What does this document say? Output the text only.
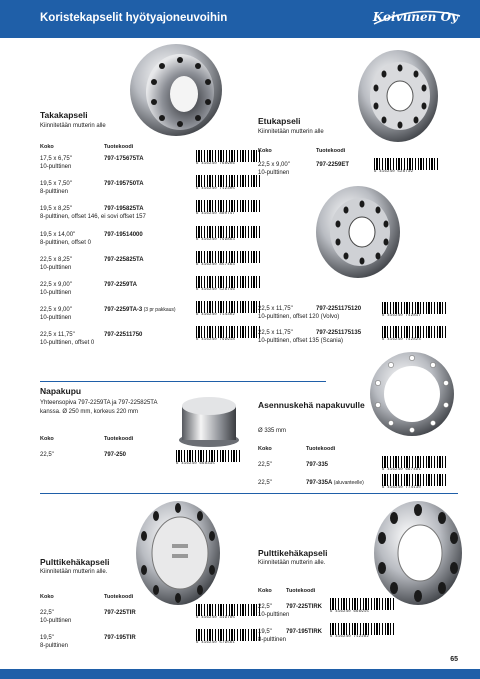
Koristekapselit hyötyajoneuvoihin	Koivunen Oy
Takakapseli
Kiinnitetään mutterin alle
Koko	Tuotekoodi
17,5 x 6,75"	797-175675TA
10-pulttinen	6 416240 768906
19,5 x 7,50"	797-195750TA
8-pulttinen	6 416240 712305
19,5 x 8,25"	797-195825TA
8-pulttinen, offset 146, ei sovi offset 157	6 416240 880747
19,5 x 14,00"	797-19514000
8-pulttinen, offset 0	6 416240 799863
22,5 x 8,25"	797-225825TA
10-pulttinen	6 416240 857463
22,5 x 9,00"	797-2259TA
10-pulttinen	6 416240 528746
22,5 x 9,00"	797-2259TA-3 (3 pr pakkaus)
10-pulttinen	6 416240 714302
22,5 x 11,75"	797-22511750
10-pulttinen, offset 0	6 416240 799918
Etukapseli
Kiinnitetään mutterin alle
Koko	Tuotekoodi
22,5 x 9,00"	797-2259ET
10-pulttinen	6 416240 528739
22,5 x 11,75"	797-2251175120
10-pulttinen, offset 120 (Volvo)	6 416240 742817
22,5 x 11,75"	797-2251175135
10-pulttinen, offset 135 (Scania)	6 416240 742824
Napakupu
Yhteensopiva 797-2259TA ja 797-225825TA kanssa. Ø 250 mm, korkeus 220 mm
Koko	Tuotekoodi
22,5"	797-250
6 416240 668335
Asennuskehä napakuvulle
Ø 335 mm
Koko	Tuotekoodi
22,5"	797-335
6 416240 667491
22,5"	797-335A (aluvanteelle)
6 416240 774130
Pulttikehäkapseli
Kiinnitetään mutterin alle.
Koko	Tuotekoodi
22,5"	797-225TIR
10-pulttinen	6 416240 319785
19,5"	797-195TIR
8-pulttinen	6 416240 579561
Pulttikehäkapseli
Kiinnitetään mutterin alle.
Koko	Tuotekoodi
22,5" 797-225TIRK
10-pulttinen	6 416240 666915
19,5" 797-195TIRK
8-pulttinen	6 416240 712282
65
